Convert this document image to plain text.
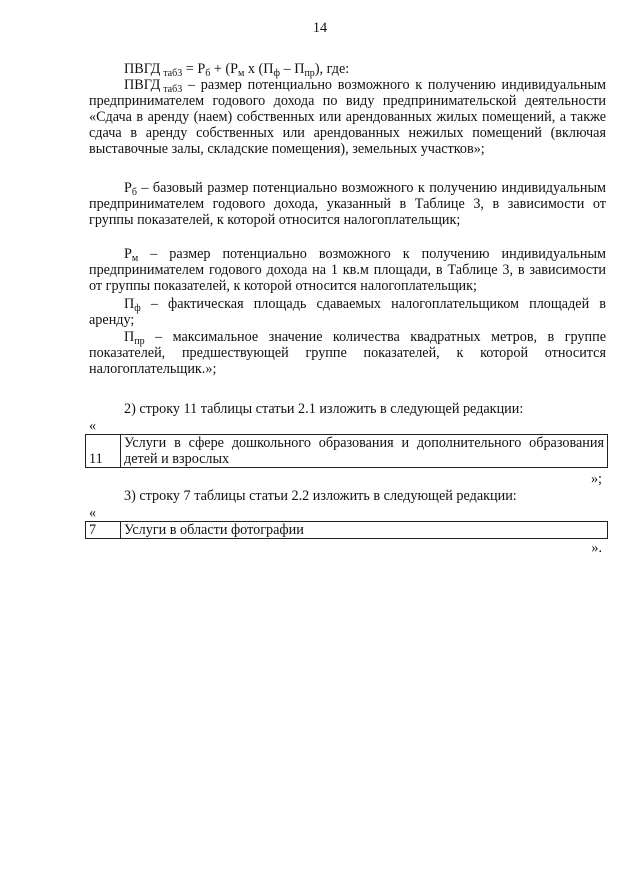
14
ПВГД  $_{таб3} = Р_б + (Р_м$ х $(П_ф - П_{пр})$, где:
ПВГД  $_{таб3}$ – размер потенциально возможного к получению индивидуальным предпринимателем годового дохода по виду предпринимательской деятельности «Сдача в аренду (наем) собственных или арендованных жилых помещений, а также сдача в аренду собственных или арендованных нежилых помещений (включая выставочные залы, складские помещения), земельных участков»;
$Р_б$ – базовый размер потенциально возможного к получению индивидуальным предпринимателем годового дохода, указанный в Таблице 3, в зависимости от группы показателей, к которой относится налогоплательщик;
$Р_м$ – размер потенциально возможного к получению индивидуальным предпринимателем годового дохода на 1 кв.м площади, в Таблице 3, в зависимости от группы показателей, к которой относится налогоплательщик;
$П_ф$ – фактическая площадь сдаваемых налогоплательщиком площадей в аренду;
$П_{пр}$ – максимальное значение количества квадратных метров, в группе показателей, предшествующей группе показателей, к которой относится налогоплательщик.»;
2) строку 11 таблицы статьи 2.1 изложить в следующей редакции:
«
11	Услуги в сфере дошкольного образования и дополнительного образования детей и взрослых
»;
3) строку 7 таблицы статьи 2.2 изложить в следующей редакции:
«
7	Услуги в области фотографии
».
